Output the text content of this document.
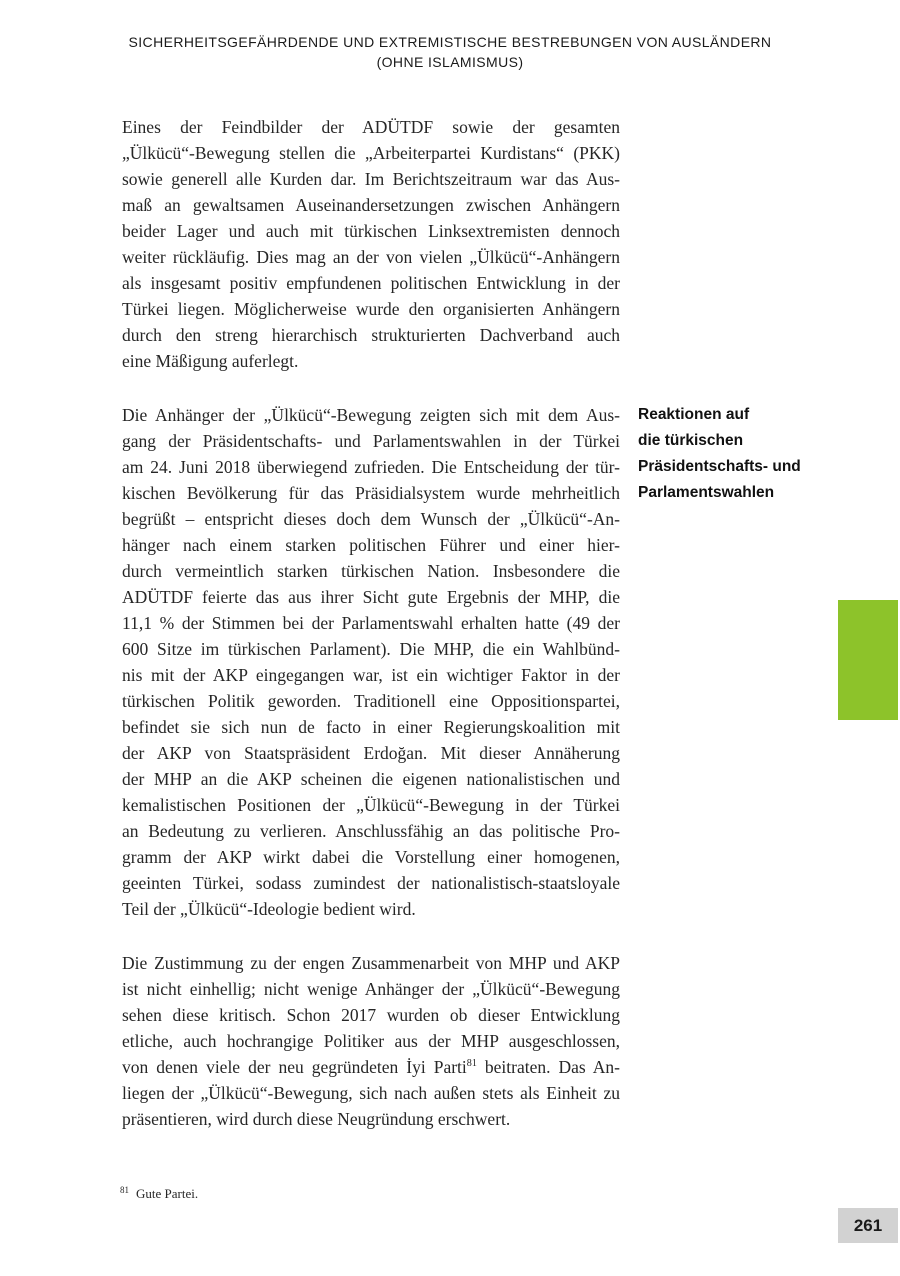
SICHERHEITSGEFÄHRDENDE UND EXTREMISTISCHE BESTREBUNGEN VON AUSLÄNDERN
(OHNE ISLAMISMUS)
Eines der Feindbilder der ADÜTDF sowie der gesamten
„Ülkücü“-Bewegung stellen die „Arbeiterpartei Kurdistans“ (PKK)
sowie generell alle Kurden dar. Im Berichtszeitraum war das Aus-
maß an gewaltsamen Auseinandersetzungen zwischen Anhängern
beider Lager und auch mit türkischen Linksextremisten dennoch
weiter rückläufig. Dies mag an der von vielen „Ülkücü“-Anhängern
als insgesamt positiv empfundenen politischen Entwicklung in der
Türkei liegen. Möglicherweise wurde den organisierten Anhängern
durch den streng hierarchisch strukturierten Dachverband auch
eine Mäßigung auferlegt.
Die Anhänger der „Ülkücü“-Bewegung zeigten sich mit dem Aus-
gang der Präsidentschafts- und Parlamentswahlen in der Türkei
am 24. Juni 2018 überwiegend zufrieden. Die Entscheidung der tür-
kischen Bevölkerung für das Präsidialsystem wurde mehrheitlich
begrüßt – entspricht dieses doch dem Wunsch der „Ülkücü“-An-
hänger nach einem starken politischen Führer und einer hier-
durch vermeintlich starken türkischen Nation. Insbesondere die
ADÜTDF feierte das aus ihrer Sicht gute Ergebnis der MHP, die
11,1 % der Stimmen bei der Parlamentswahl erhalten hatte (49 der
600 Sitze im türkischen Parlament). Die MHP, die ein Wahlbünd-
nis mit der AKP eingegangen war, ist ein wichtiger Faktor in der
türkischen Politik geworden. Traditionell eine Oppositionspartei,
befindet sie sich nun de facto in einer Regierungskoalition mit
der AKP von Staatspräsident Erdoğan. Mit dieser Annäherung
der MHP an die AKP scheinen die eigenen nationalistischen und
kemalistischen Positionen der „Ülkücü“-Bewegung in der Türkei
an Bedeutung zu verlieren. Anschlussfähig an das politische Pro-
gramm der AKP wirkt dabei die Vorstellung einer homogenen,
geeinten Türkei, sodass zumindest der nationalistisch-staatsloyale
Teil der „Ülkücü“-Ideologie bedient wird.
Die Zustimmung zu der engen Zusammenarbeit von MHP und AKP
ist nicht einhellig; nicht wenige Anhänger der „Ülkücü“-Bewegung
sehen diese kritisch. Schon 2017 wurden ob dieser Entwicklung
etliche, auch hochrangige Politiker aus der MHP ausgeschlossen,
von denen viele der neu gegründeten İyi Parti$^{81}$ beitraten. Das An-
liegen der „Ülkücü“-Bewegung, sich nach außen stets als Einheit zu
präsentieren, wird durch diese Neugründung erschwert.
Reaktionen auf
die türkischen
Präsidentschafts- und
Parlamentswahlen
$^{81}$ Gute Partei.
261
